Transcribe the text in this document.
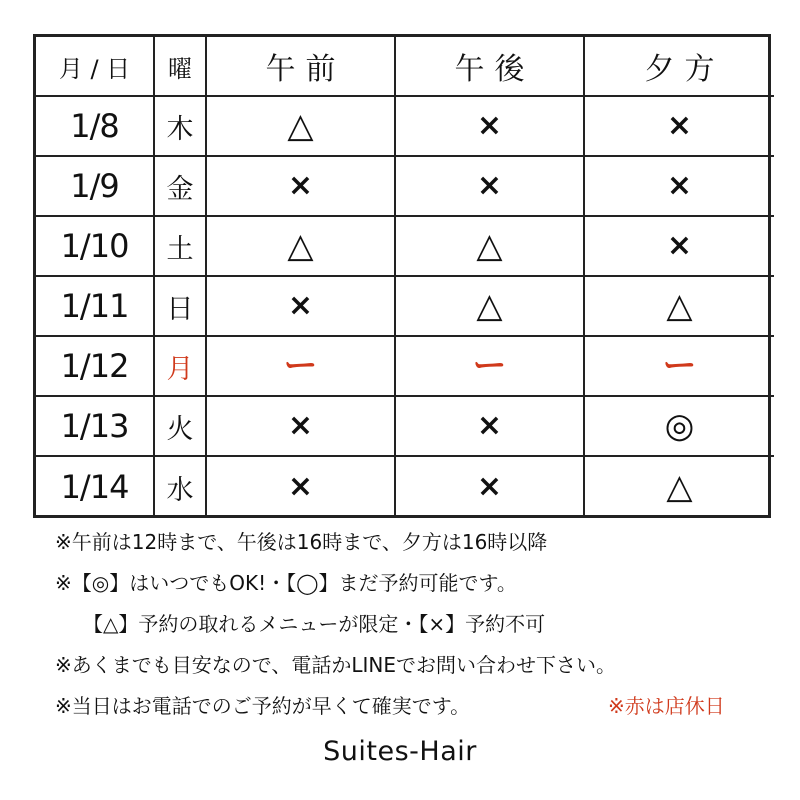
月 / 日	曜	午前	午後	夕方
1/8	木	△	×	×
1/9	金	×	×	×
1/10	土	△	△	×
1/11	日	×	△	△
1/12	月	ー	ー	ー
1/13	火	×	×	◎
1/14	水	×	×	△
※午前は12時まで、午後は16時まで、夕方は16時以降
※【◎】はいつでもOK!・【◯】まだ予約可能です。
【△】予約の取れるメニューが限定・【×】予約不可
※あくまでも目安なので、電話かLINEでお問い合わせ下さい。
※当日はお電話でのご予約が早くて確実です。	※赤は店休日
Suites-Hair
